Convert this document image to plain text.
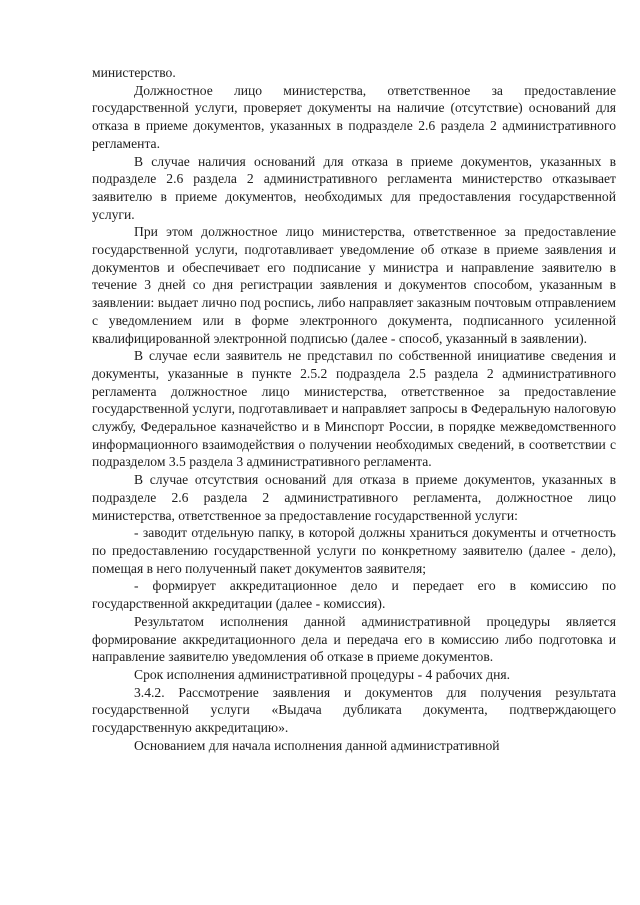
министерство.

Должностное лицо министерства, ответственное за предоставление государственной услуги, проверяет документы на наличие (отсутствие) оснований для отказа в приеме документов, указанных в подразделе 2.6 раздела 2 административного регламента.

В случае наличия оснований для отказа в приеме документов, указанных в подразделе 2.6 раздела 2 административного регламента министерство отказывает заявителю в приеме документов, необходимых для предоставления государственной услуги.

При этом должностное лицо министерства, ответственное за предоставление государственной услуги, подготавливает уведомление об отказе в приеме заявления и документов и обеспечивает его подписание у министра и направление заявителю в течение 3 дней со дня регистрации заявления и документов способом, указанным в заявлении: выдает лично под роспись, либо направляет заказным почтовым отправлением с уведомлением или в форме электронного документа, подписанного усиленной квалифицированной электронной подписью (далее - способ, указанный в заявлении).

В случае если заявитель не представил по собственной инициативе сведения и документы, указанные в пункте 2.5.2 подраздела 2.5 раздела 2 административного регламента должностное лицо министерства, ответственное за предоставление государственной услуги, подготавливает и направляет запросы в Федеральную налоговую службу, Федеральное казначейство и в Минспорт России, в порядке межведомственного информационного взаимодействия о получении необходимых сведений, в соответствии с подразделом 3.5 раздела 3 административного регламента.

В случае отсутствия оснований для отказа в приеме документов, указанных в подразделе 2.6 раздела 2 административного регламента, должностное лицо министерства, ответственное за предоставление государственной услуги:

- заводит отдельную папку, в которой должны храниться документы и отчетность по предоставлению государственной услуги по конкретному заявителю (далее - дело), помещая в него полученный пакет документов заявителя;

- формирует аккредитационное дело и передает его в комиссию по государственной аккредитации (далее - комиссия).

Результатом исполнения данной административной процедуры является формирование аккредитационного дела и передача его в комиссию либо подготовка и направление заявителю уведомления об отказе в приеме документов.

Срок исполнения административной процедуры - 4 рабочих дня.

3.4.2. Рассмотрение заявления и документов для получения результата государственной услуги «Выдача дубликата документа, подтверждающего государственную аккредитацию».

Основанием для начала исполнения данной административной
